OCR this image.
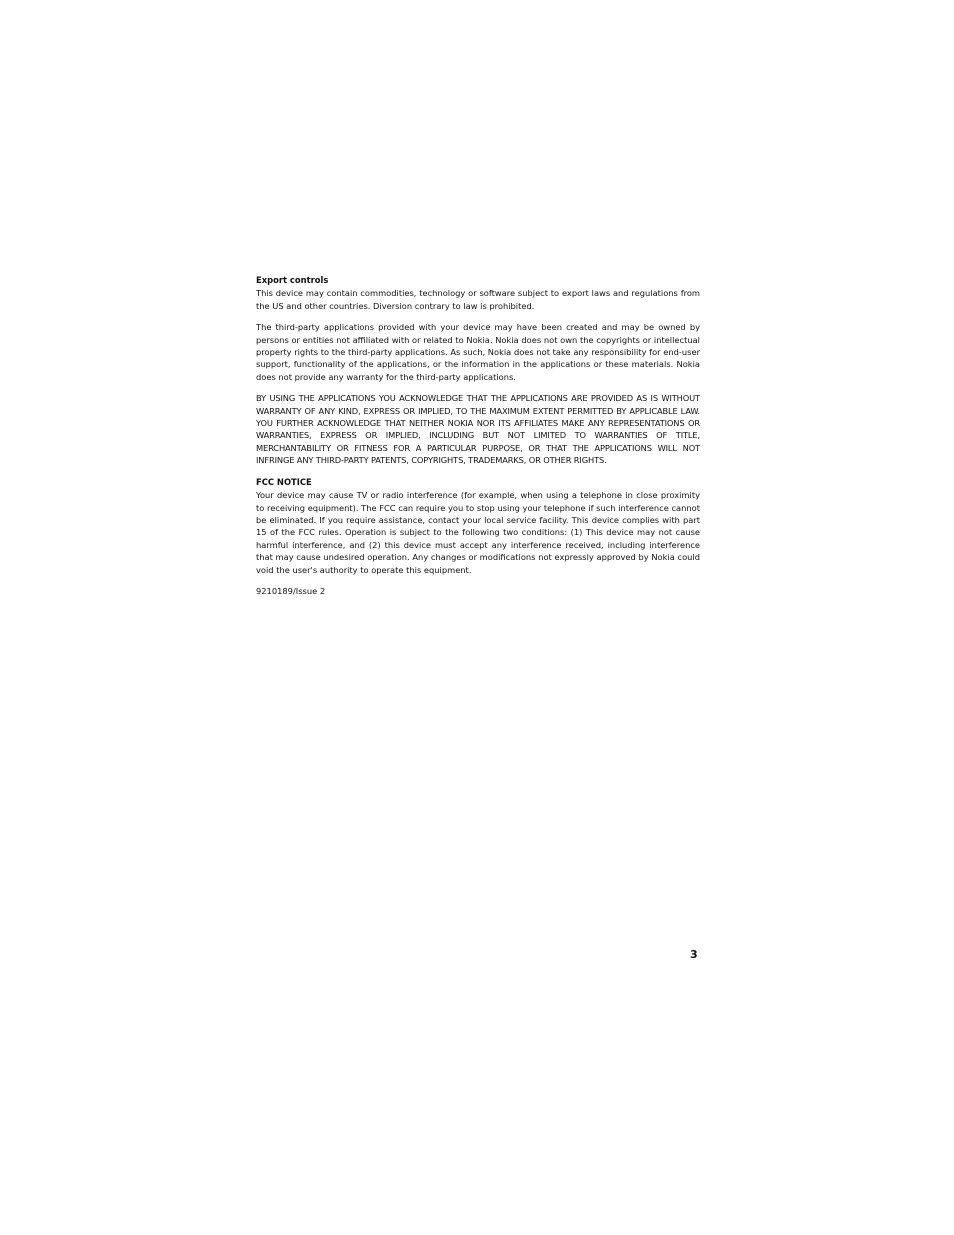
Export controls

This device may contain commodities, technology or software subject to export laws and regulations from the US and other countries. Diversion contrary to law is prohibited.

The third-party applications provided with your device may have been created and may be owned by persons or entities not affiliated with or related to Nokia. Nokia does not own the copyrights or intellectual property rights to the third-party applications. As such, Nokia does not take any responsibility for end-user support, functionality of the applications, or the information in the applications or these materials. Nokia does not provide any warranty for the third-party applications.

BY USING THE APPLICATIONS YOU ACKNOWLEDGE THAT THE APPLICATIONS ARE PROVIDED AS IS WITHOUT WARRANTY OF ANY KIND, EXPRESS OR IMPLIED, TO THE MAXIMUM EXTENT PERMITTED BY APPLICABLE LAW. YOU FURTHER ACKNOWLEDGE THAT NEITHER NOKIA NOR ITS AFFILIATES MAKE ANY REPRESENTATIONS OR WARRANTIES, EXPRESS OR IMPLIED, INCLUDING BUT NOT LIMITED TO WARRANTIES OF TITLE, MERCHANTABILITY OR FITNESS FOR A PARTICULAR PURPOSE, OR THAT THE APPLICATIONS WILL NOT INFRINGE ANY THIRD-PARTY PATENTS, COPYRIGHTS, TRADEMARKS, OR OTHER RIGHTS.

FCC NOTICE

Your device may cause TV or radio interference (for example, when using a telephone in close proximity to receiving equipment). The FCC can require you to stop using your telephone if such interference cannot be eliminated. If you require assistance, contact your local service facility. This device complies with part 15 of the FCC rules. Operation is subject to the following two conditions: (1) This device may not cause harmful interference, and (2) this device must accept any interference received, including interference that may cause undesired operation. Any changes or modifications not expressly approved by Nokia could void the user's authority to operate this equipment.

9210189/Issue 2

3
